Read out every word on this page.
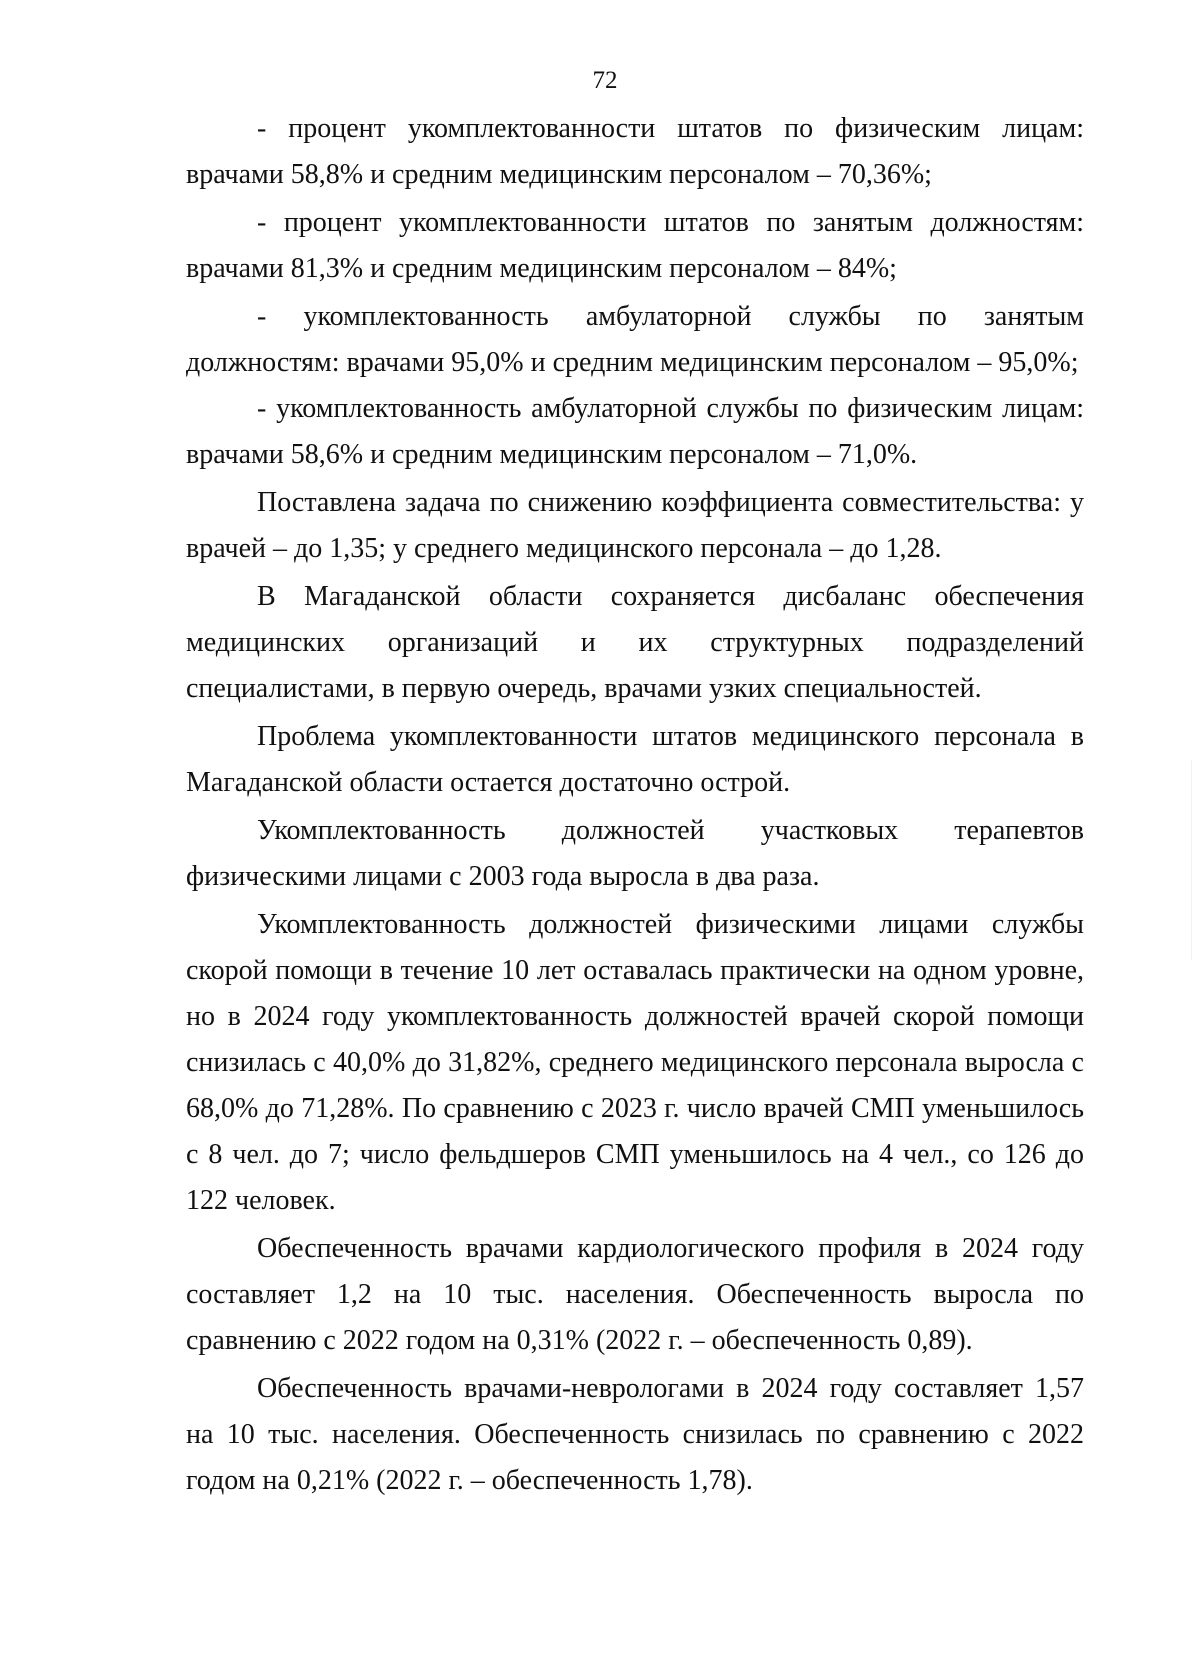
72

- процент укомплектованности штатов по физическим лицам: врачами 58,8% и средним медицинским персоналом – 70,36%;

- процент укомплектованности штатов по занятым должностям: врачами 81,3% и средним медицинским персоналом – 84%;

- укомплектованность амбулаторной службы по занятым должностям: врачами 95,0% и средним медицинским персоналом – 95,0%;

- укомплектованность амбулаторной службы по физическим лицам: врачами 58,6% и средним медицинским персоналом – 71,0%.

Поставлена задача по снижению коэффициента совместительства: у врачей – до 1,35; у среднего медицинского персонала – до 1,28.

В Магаданской области сохраняется дисбаланс обеспечения медицинских организаций и их структурных подразделений специалистами, в первую очередь, врачами узких специальностей.

Проблема укомплектованности штатов медицинского персонала в Магаданской области остается достаточно острой.

Укомплектованность должностей участковых терапевтов физическими лицами с 2003 года выросла в два раза.

Укомплектованность должностей физическими лицами службы скорой помощи в течение 10 лет оставалась практически на одном уровне, но в 2024 году укомплектованность должностей врачей скорой помощи снизилась с 40,0% до 31,82%, среднего медицинского персонала выросла с 68,0% до 71,28%. По сравнению с 2023 г. число врачей СМП уменьшилось с 8 чел. до 7; число фельдшеров СМП уменьшилось на 4 чел., со 126 до 122 человек.

Обеспеченность врачами кардиологического профиля в 2024 году составляет 1,2 на 10 тыс. населения. Обеспеченность выросла по сравнению с 2022 годом на 0,31% (2022 г. – обеспеченность 0,89).

Обеспеченность врачами-неврологами в 2024 году составляет 1,57 на 10 тыс. населения. Обеспеченность снизилась по сравнению с 2022 годом на 0,21% (2022 г. – обеспеченность 1,78).
